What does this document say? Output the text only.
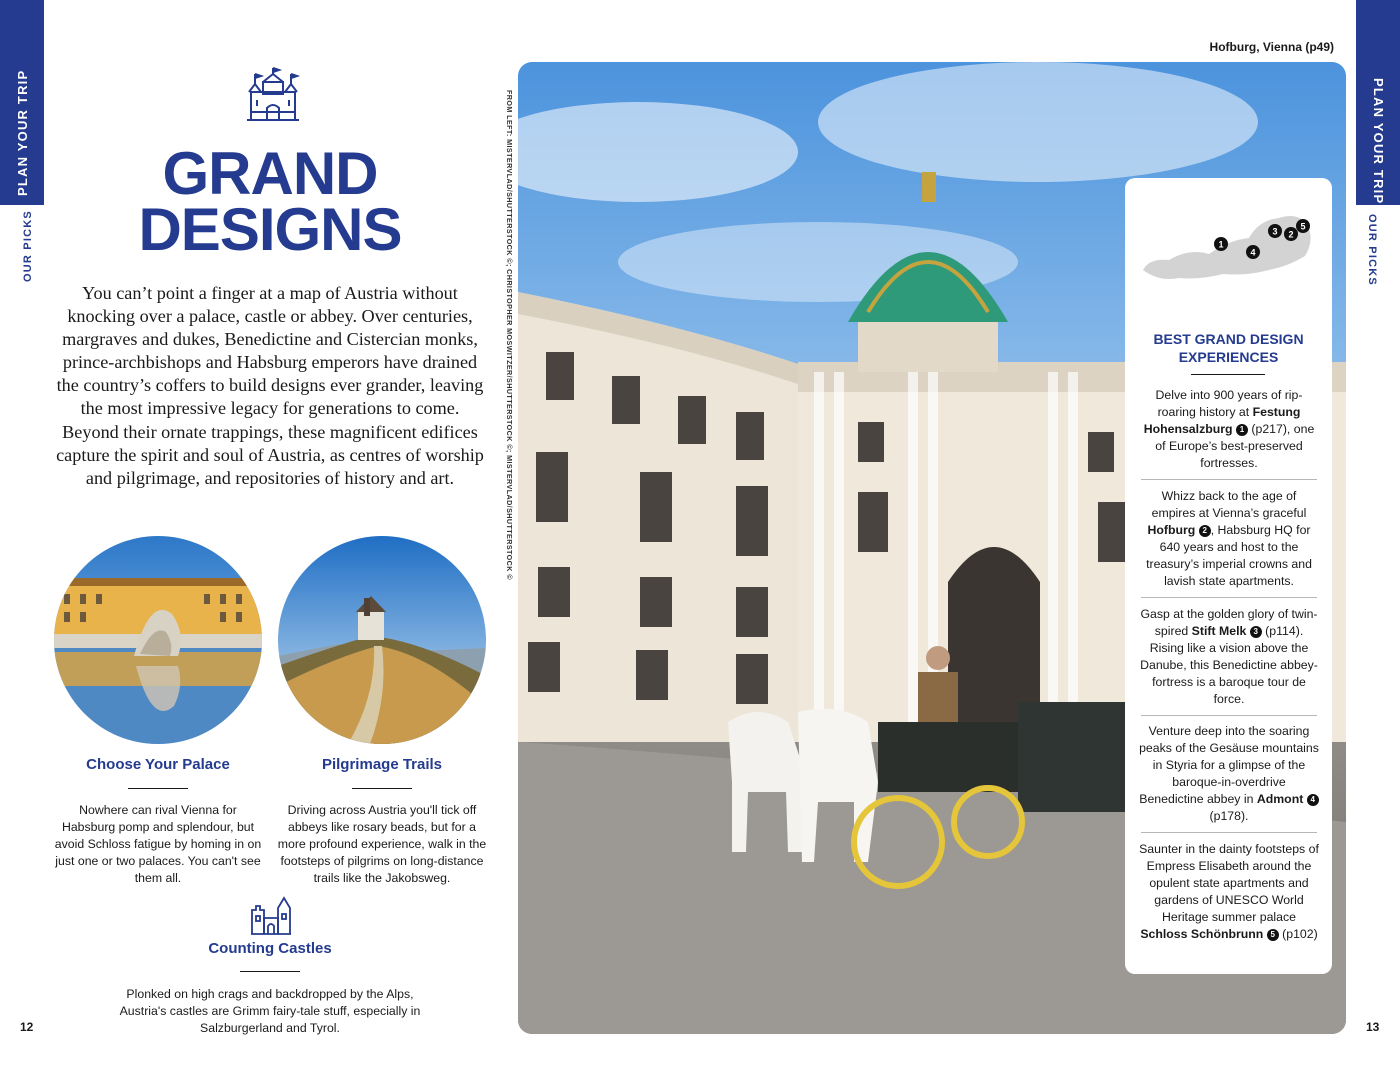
PLAN YOUR TRIP
OUR PICKS
PLAN YOUR TRIP
OUR PICKS
12	13
GRAND
DESIGNS
You can’t point a finger at a map of Austria without knocking over a palace, castle or abbey. Over centuries, margraves and dukes, Benedictine and Cistercian monks, prince-archbishops and Habsburg emperors have drained the country’s coffers to build designs ever grander, leaving the most impressive legacy for generations to come. Beyond their ornate trappings, these magnificent edifices capture the spirit and soul of Austria, as centres of worship and pilgrimage, and repositories of history and art.
Choose Your Palace
Nowhere can rival Vienna for Habsburg pomp and splendour, but avoid Schloss fatigue by homing in on just one or two palaces. You can't see them all.
Pilgrimage Trails
Driving across Austria you'll tick off abbeys like rosary beads, but for a more profound experience, walk in the footsteps of pilgrims on long-distance trails like the Jakobsweg.
Counting Castles
Plonked on high crags and backdropped by the Alps, Austria's castles are Grimm fairy-tale stuff, especially in Salzburgerland and Tyrol.
FROM LEFT: MISTERVLAD/SHUTTERSTOCK ©; CHRISTOPHER MOSWITZER/SHUTTERSTOCK ©; MISTERVLAD/SHUTTERSTOCK ©
Hofburg, Vienna (p49)
1
4
3 2
5
BEST GRAND DESIGN EXPERIENCES
Delve into 900 years of rip-roaring history at Festung Hohensalzburg 1 (p217), one of Europe’s best-preserved fortresses.
Whizz back to the age of empires at Vienna’s graceful Hofburg 2 , Habsburg HQ for 640 years and host to the treasury’s imperial crowns and lavish state apartments.
Gasp at the golden glory of twin-spired Stift Melk 3 (p114). Rising like a vision above the Danube, this Benedictine abbey-fortress is a baroque tour de force.
Venture deep into the soaring peaks of the Gesäuse mountains in Styria for a glimpse of the baroque-in-overdrive Benedictine abbey in Admont 4 (p178).
Saunter in the dainty footsteps of Empress Elisabeth around the opulent state apartments and gardens of UNESCO World Heritage summer palace Schloss Schönbrunn 5 (p102)
